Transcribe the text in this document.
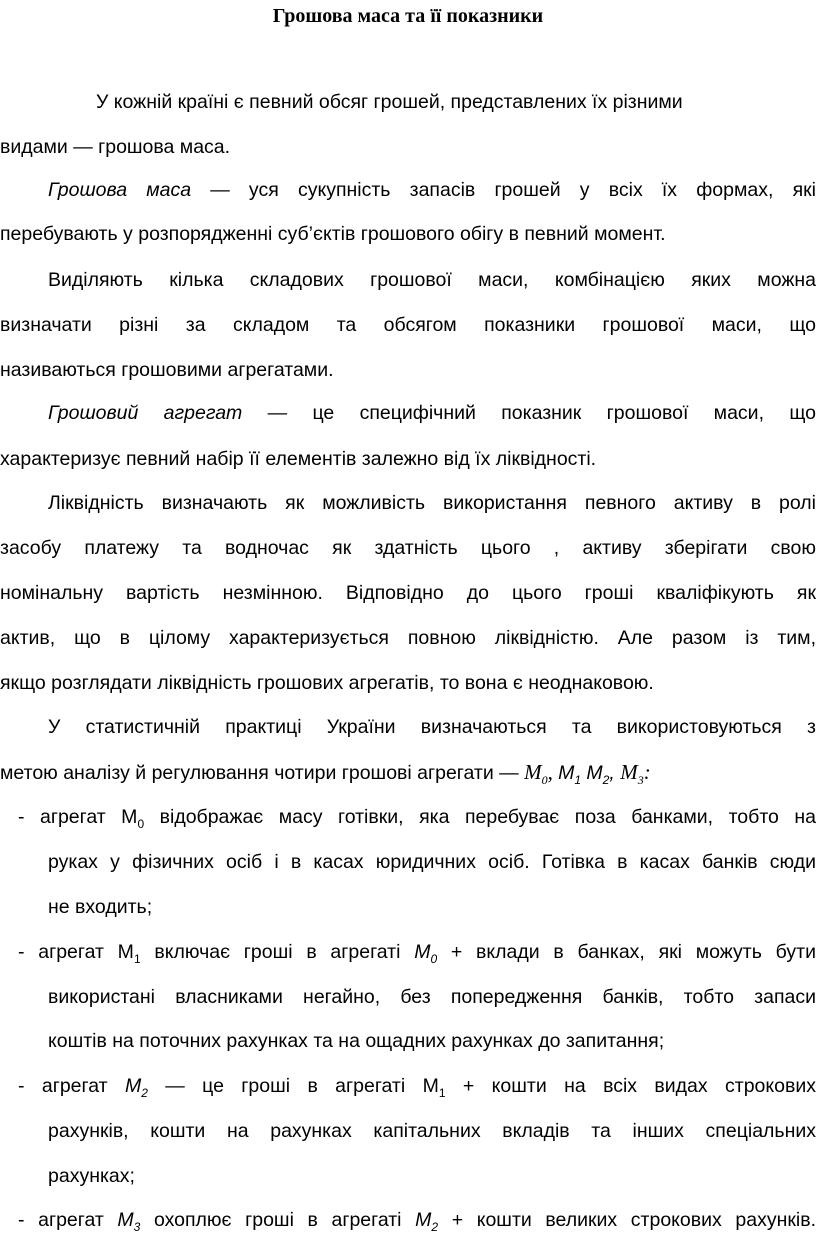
Грошова маса та її показники
У кожній країні є певний обсяг грошей, представлених їх різними
видами — грошова маса.
Грошова маса — уся сукупність запасів грошей у всіх їх формах, які
перебувають у розпорядженні суб’єктів грошового обігу в певний момент.
Виділяють кілька складових грошової маси, комбінацією яких можна
визначати різні за складом та обсягом показники грошової маси, що
називаються грошовими агрегатами.
Грошовий агрегат — це специфічний показник грошової маси, що
характеризує певний набір її елементів залежно від їх ліквідності.
Ліквідність визначають як можливість використання певного активу в ролі
засобу платежу та водночас як здатність цього , активу зберігати свою
номінальну вартість незмінною. Відповідно до цього гроші кваліфікують як
актив, що в цілому характеризується повною ліквідністю. Але разом із тим,
якщо розглядати ліквідність грошових агрегатів, то вона є неоднаковою.
У статистичній практиці України визначаються та використовуються з
метою аналізу й регулювання чотири грошові агрегати — $M_0$, $M_1$ $M_2$, $M_3$:
- агрегат $М_0$ відображає масу готівки, яка перебуває поза банками, тобто на
руках у фізичних осіб і в касах юридичних осіб. Готівка в касах банків сюди
не входить;
- агрегат $М_1$ включає гроші в агрегаті $M_0$ + вклади в банках, які можуть бути
використані власниками негайно, без попередження банків, тобто запаси
коштів на поточних рахунках та на ощадних рахунках до запитання;
- агрегат $M_2$ — це гроші в агрегаті $М_1$ + кошти на всіх видах строкових
рахунків, кошти на рахунках капітальних вкладів та інших спеціальних
рахунках;
- агрегат $M_3$ охоплює гроші в агрегаті $M_2$ + кошти великих строкових рахунків.
